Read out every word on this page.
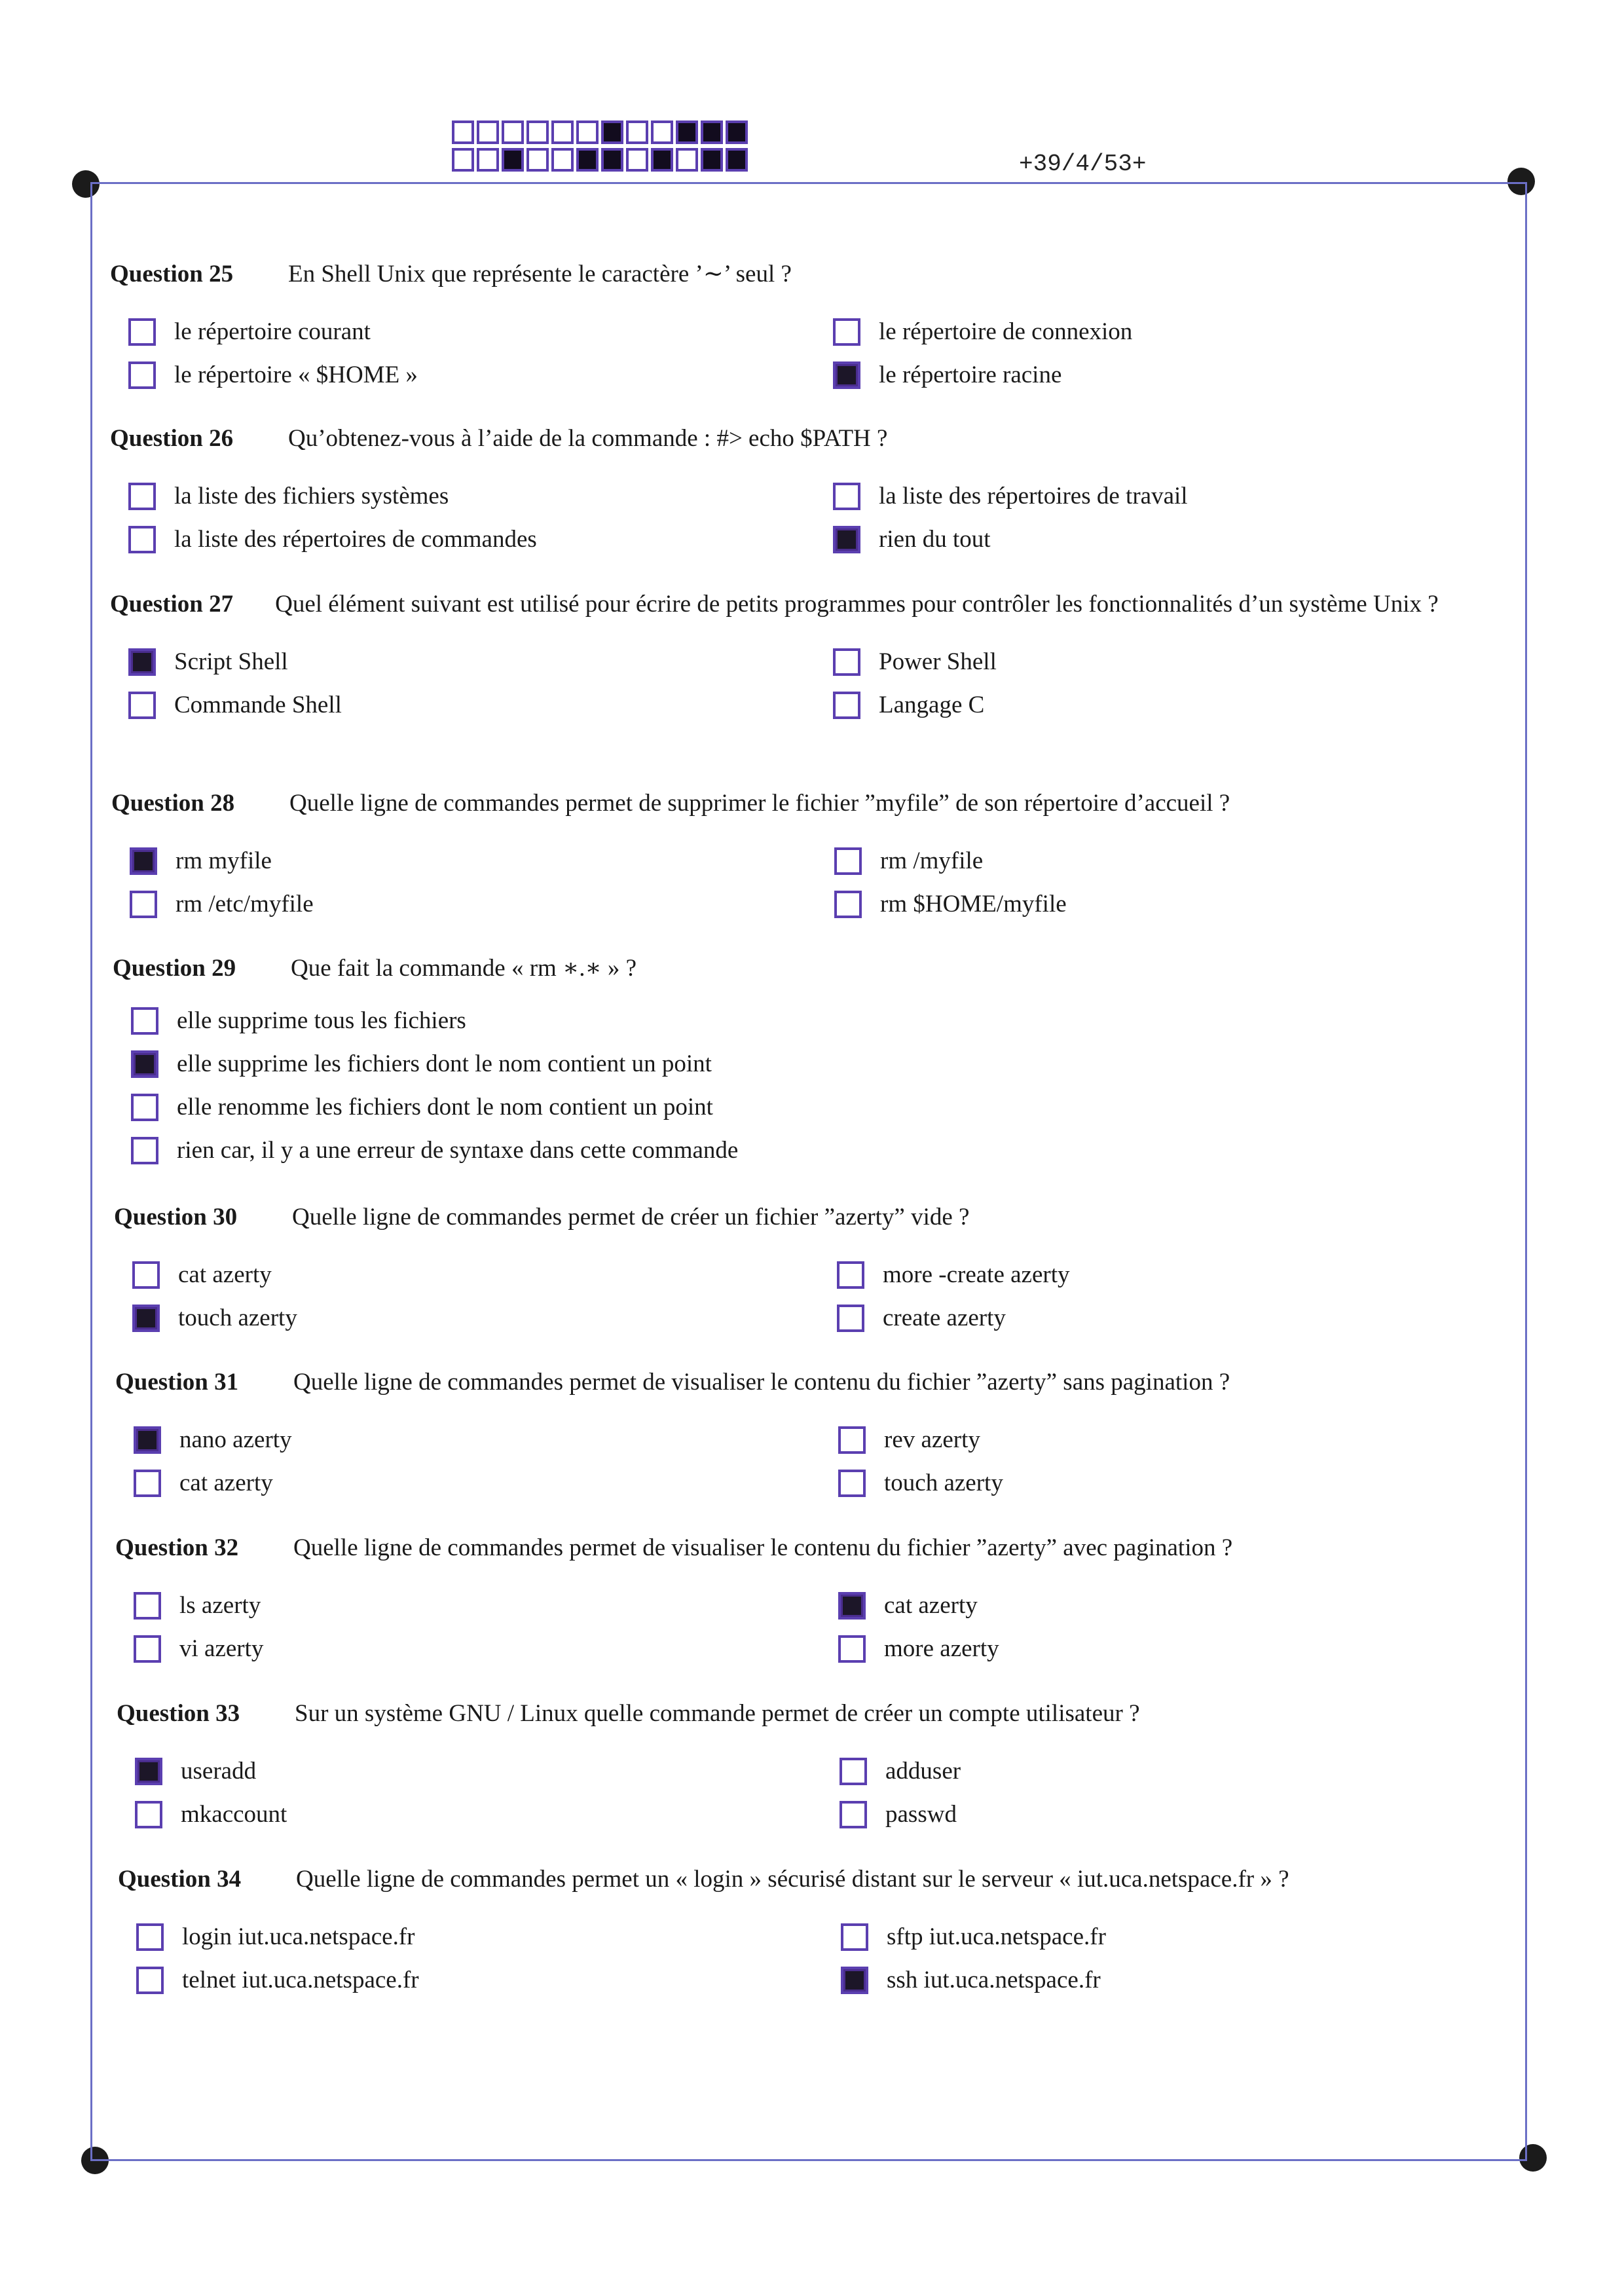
+39/4/53+
Question 25	En Shell Unix que représente le caractère ’∼’ seul ?
le répertoire courant	le répertoire de connexion
le répertoire « $HOME »	le répertoire racine
Question 26	Qu’obtenez-vous à l’aide de la commande : #> echo $PATH ?
la liste des fichiers systèmes	la liste des répertoires de travail
la liste des répertoires de commandes	rien du tout
Question 27 Quel élément suivant est utilisé pour écrire de petits programmes pour contrôler les fonctionnalités d’un système Unix ?
Script Shell	Power Shell
Commande Shell	Langage C
Question 28	Quelle ligne de commandes permet de supprimer le fichier ”myfile” de son répertoire d’accueil ?
rm myfile	rm /myfile
rm /etc/myfile	rm $HOME/myfile
Question 29	Que fait la commande « rm ∗.∗ » ?
elle supprime tous les fichiers
elle supprime les fichiers dont le nom contient un point
elle renomme les fichiers dont le nom contient un point
rien car, il y a une erreur de syntaxe dans cette commande
Question 30	Quelle ligne de commandes permet de créer un fichier ”azerty” vide ?
cat azerty	more -create azerty
touch azerty	create azerty
Question 31	Quelle ligne de commandes permet de visualiser le contenu du fichier ”azerty” sans pagination ?
nano azerty	rev azerty
cat azerty	touch azerty
Question 32	Quelle ligne de commandes permet de visualiser le contenu du fichier ”azerty” avec pagination ?
ls azerty	cat azerty
vi azerty	more azerty
Question 33	Sur un système GNU / Linux quelle commande permet de créer un compte utilisateur ?
useradd	adduser
mkaccount	passwd
Question 34	Quelle ligne de commandes permet un « login » sécurisé distant sur le serveur « iut.uca.netspace.fr » ?
login iut.uca.netspace.fr	sftp iut.uca.netspace.fr
telnet iut.uca.netspace.fr	ssh iut.uca.netspace.fr
